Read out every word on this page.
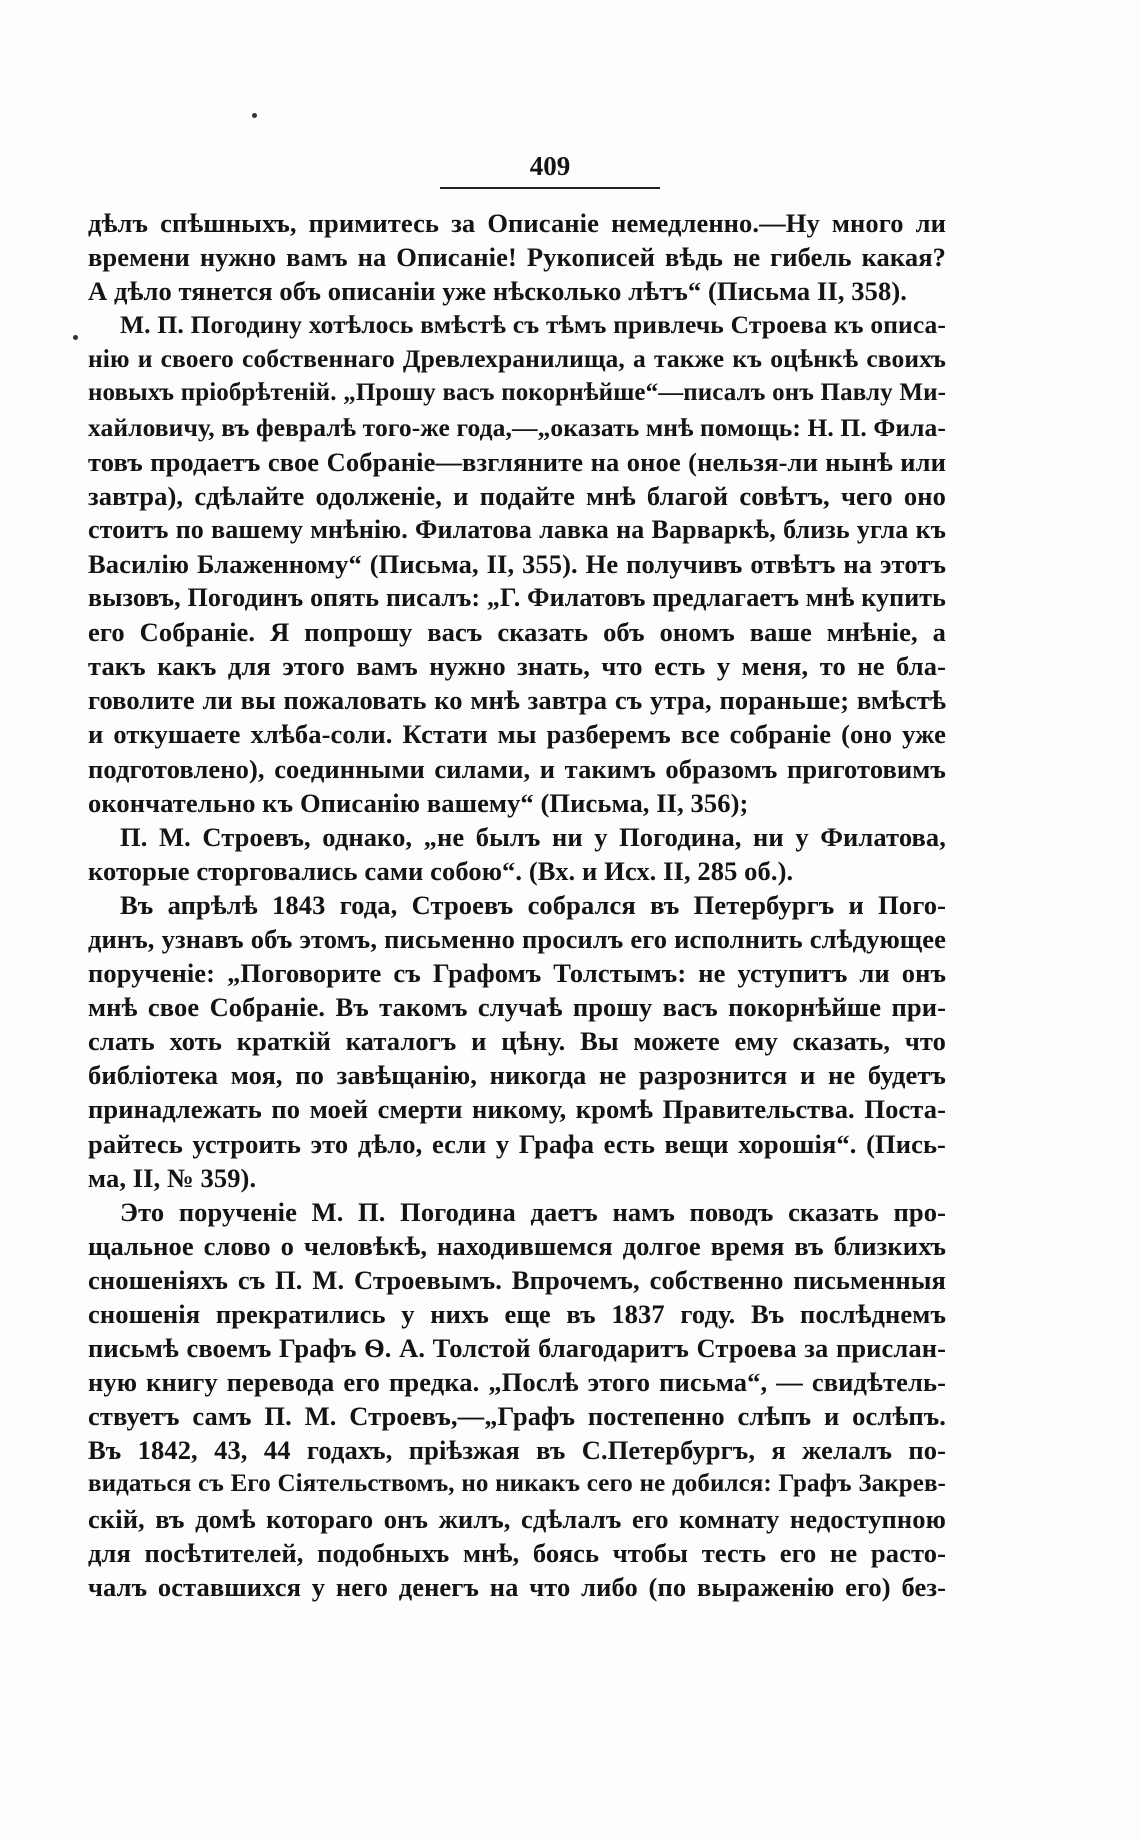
409
дѣлъ спѣшныхъ, примитесь за Описаніе немедленно.—Ну много ли
времени нужно вамъ на Описаніе! Рукописей вѣдь не гибель какая?
А дѣло тянется объ описаніи уже нѣсколько лѣтъ“ (Письма II, 358).
М. П. Погодину хотѣлось вмѣстѣ съ тѣмъ привлечь Строева къ описа-
нію и своего собственнаго Древлехранилища, а также къ оцѣнкѣ своихъ
новыхъ пріобрѣтеній. „Прошу васъ покорнѣйше“—писалъ онъ Павлу Ми-
хайловичу, въ февралѣ того-же года,—„оказать мнѣ помощь: Н. П. Фила-
товъ продаетъ свое Собраніе—взгляните на оное (нельзя-ли нынѣ или
завтра), сдѣлайте одолженіе, и подайте мнѣ благой совѣтъ, чего оно
стоитъ по вашему мнѣнію. Филатова лавка на Варваркѣ, близь угла къ
Василію Блаженному“ (Письма, II, 355). Не получивъ отвѣтъ на этотъ
вызовъ, Погодинъ опять писалъ: „Г. Филатовъ предлагаетъ мнѣ купить
его Собраніе. Я попрошу васъ сказать объ ономъ ваше мнѣніе, а
такъ какъ для этого вамъ нужно знать, что есть у меня, то не бла-
говолите ли вы пожаловать ко мнѣ завтра съ утра, пораньше; вмѣстѣ
и откушаете хлѣба-соли. Кстати мы разберемъ все собраніе (оно уже
подготовлено), соединными силами, и такимъ образомъ приготовимъ
окончательно къ Описанію вашему“ (Письма, II, 356);
П. М. Строевъ, однако, „не былъ ни у Погодина, ни у Филатова,
которые сторговались сами собою“. (Вх. и Исх. II, 285 об.).
Въ апрѣлѣ 1843 года, Строевъ собрался въ Петербургъ и Пого-
динъ, узнавъ объ этомъ, письменно просилъ его исполнить слѣдующее
порученіе: „Поговорите съ Графомъ Толстымъ: не уступитъ ли онъ
мнѣ свое Собраніе. Въ такомъ случаѣ прошу васъ покорнѣйше при-
слать хоть краткій каталогъ и цѣну. Вы можете ему сказать, что
библіотека моя, по завѣщанію, никогда не разрознится и не будетъ
принадлежать по моей смерти никому, кромѣ Правительства. Поста-
райтесь устроить это дѣло, если у Графа есть вещи хорошія“. (Пись-
ма, II, № 359).
Это порученіе М. П. Погодина даетъ намъ поводъ сказать про-
щальное слово о человѣкѣ, находившемся долгое время въ близкихъ
сношеніяхъ съ П. М. Строевымъ. Впрочемъ, собственно письменныя
сношенія прекратились у нихъ еще въ 1837 году. Въ послѣднемъ
письмѣ своемъ Графъ Ѳ. А. Толстой благодаритъ Строева за прислан-
ную книгу перевода его предка. „Послѣ этого письма“, — свидѣтель-
ствуетъ самъ П. М. Строевъ,—„Графъ постепенно слѣпъ и ослѣпъ.
Въ 1842, 43, 44 годахъ, пріѣзжая въ С.Петербургъ, я желалъ по-
видаться съ Его Сіятельствомъ, но никакъ сего не добился: Графъ Закрев-
скій, въ домѣ котораго онъ жилъ, сдѣлалъ его комнату недоступною
для посѣтителей, подобныхъ мнѣ, боясь чтобы тесть его не расто-
чалъ оставшихся у него денегъ на что либо (по выраженію его) без-
